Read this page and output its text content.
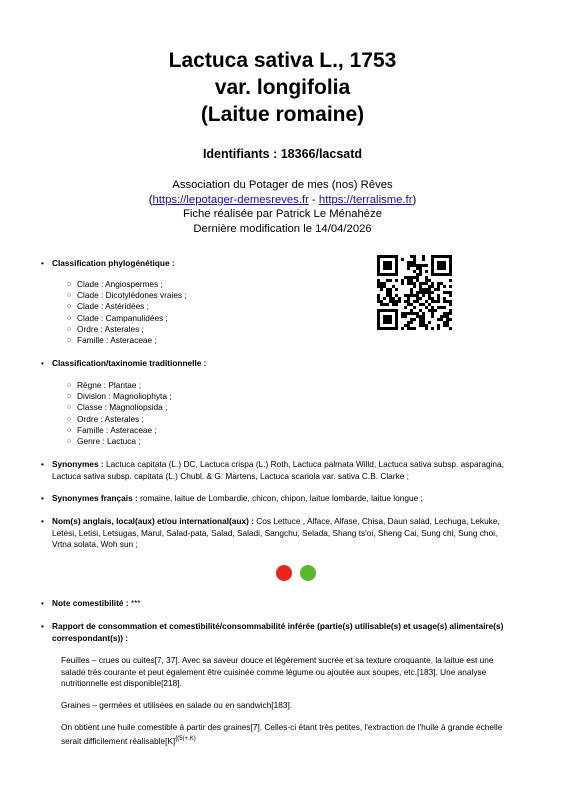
Lactuca sativa L., 1753
var. longifolia
(Laitue romaine)
Identifiants : 18366/lacsatd
Association du Potager de mes (nos) Rêves
(https://lepotager-demesreves.fr - https://terralisme.fr)
Fiche réalisée par Patrick Le Ménahèze
Dernière modification le 14/04/2026
• Classification phylogénétique :
○ Clade : Angiospermes ;
○ Clade : Dicotylédones vraies ;
○ Clade : Astéridées ;
○ Clade : Campanulidées ;
○ Ordre : Asterales ;
○ Famille : Asteraceae ;
• Classification/taxinomie traditionnelle :
○ Règne : Plantae ;
○ Division : Magnoliophyta ;
○ Classe : Magnoliopsida ;
○ Ordre : Asterales ;
○ Famille : Asteraceae ;
○ Genre : Lactuca ;
• Synonymes : Lactuca capitata (L.) DC, Lactuca crispa (L.) Roth, Lactuca palmata Willd, Lactuca sativa subsp. asparagina,
Lactuca sativa subsp. capitata (L.) Chubl. & G. Martens, Lactuca scariola var. sativa C.B. Clarke ;
• Synonymes français : romaine, laitue de Lombardie, chicon, chipon, laitue lombarde, laitue longue ;
• Nom(s) anglais, local(aux) et/ou international(aux) : Cos Lettuce , Alface, Alfase, Chisa, Daun salad, Lechuga, Lekuke,
Letesi, Letisi, Letsugas, Marul, Salad-pata, Salad, Saladi, Sangchu, Selada, Shang ts'oi, Sheng Cai, Sung chi, Sung choi,
Vrtna solata, Woh sun ;
• Note comestibilité : ***
• Rapport de consommation et comestibilité/consommabilité inférée (partie(s) utilisable(s) et usage(s) alimentaire(s)
correspondant(s)) :
Feuilles – crues ou cuites[7, 37]. Avec sa saveur douce et légèrement sucrée et sa texture croquante, la laitue est une
salade très courante et peut également être cuisinée comme légume ou ajoutée aux soupes, etc.[183]. Une analyse
nutritionnelle est disponible[218].
Graines – germées et utilisées en salade ou en sandwich[183].
On obtient une huile comestible à partir des graines[7]. Celles-ci étant très petites, l'extraction de l'huile à grande échelle
serait difficilement $réalisable[K]^{\{(5(+,K)}$
